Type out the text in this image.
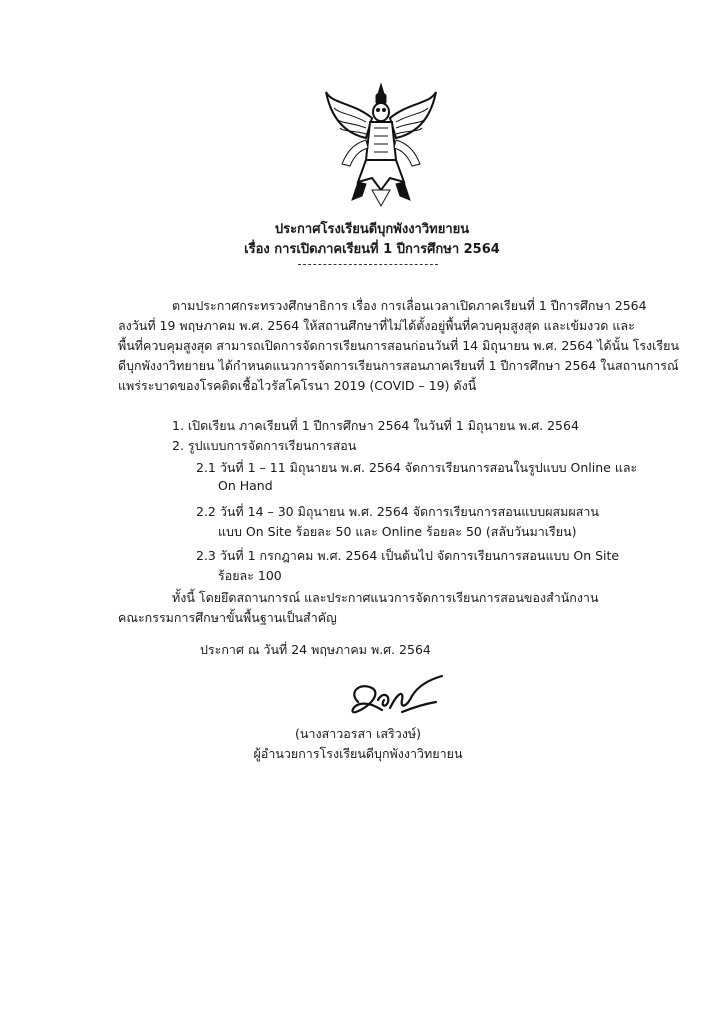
ประกาศโรงเรียนดีบุกพังงาวิทยายน
เรื่อง การเปิดภาคเรียนที่ 1 ปีการศึกษา 2564
ตามประกาศกระทรวงศึกษาธิการ เรื่อง การเลื่อนเวลาเปิดภาคเรียนที่ 1 ปีการศึกษา 2564
ลงวันที่ 19 พฤษภาคม พ.ศ. 2564 ให้สถานศึกษาที่ไม่ได้ตั้งอยู่พื้นที่ควบคุมสูงสุด และเข้มงวด และ
พื้นที่ควบคุมสูงสุด สามารถเปิดการจัดการเรียนการสอนก่อนวันที่ 14 มิถุนายน พ.ศ. 2564 ได้นั้น โรงเรียน
ดีบุกพังงาวิทยายน ได้กำหนดแนวการจัดการเรียนการสอนภาคเรียนที่ 1 ปีการศึกษา 2564 ในสถานการณ์
แพร่ระบาดของโรคติดเชื้อไวรัสโคโรนา 2019 (COVID – 19) ดังนี้
1. เปิดเรียน ภาคเรียนที่ 1 ปีการศึกษา 2564 ในวันที่ 1 มิถุนายน พ.ศ. 2564
2. รูปแบบการจัดการเรียนการสอน
2.1 วันที่ 1 – 11 มิถุนายน พ.ศ. 2564 จัดการเรียนการสอนในรูปแบบ Online และ
On Hand
2.2 วันที่ 14 – 30 มิถุนายน พ.ศ. 2564 จัดการเรียนการสอนแบบผสมผสาน
แบบ On Site ร้อยละ 50 และ Online ร้อยละ 50 (สลับวันมาเรียน)
2.3 วันที่ 1 กรกฎาคม พ.ศ. 2564 เป็นต้นไป จัดการเรียนการสอนแบบ On Site
ร้อยละ 100
ทั้งนี้ โดยยึดสถานการณ์ และประกาศแนวการจัดการเรียนการสอนของสำนักงาน
คณะกรรมการศึกษาขั้นพื้นฐานเป็นสำคัญ
ประกาศ ณ วันที่ 24 พฤษภาคม พ.ศ. 2564
(นางสาวอรสา เสริวงษ์)
ผู้อำนวยการโรงเรียนดีบุกพังงาวิทยายน
